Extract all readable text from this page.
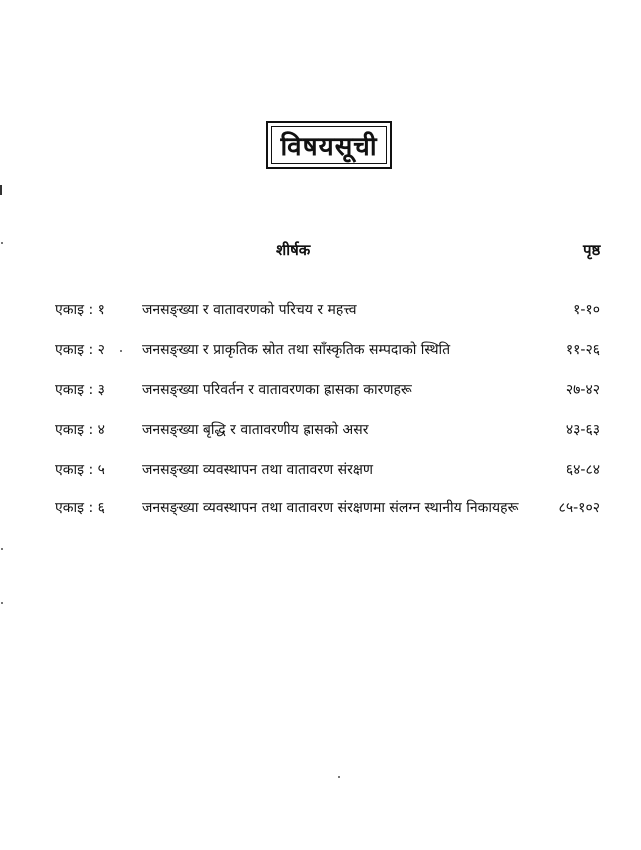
विषयसूची
शीर्षक	पृष्ठ
एकाइ : १	जनसङ्ख्या र वातावरणको परिचय र महत्त्व	१-१०
एकाइ : २	जनसङ्ख्या र प्राकृतिक स्रोत तथा साँस्कृतिक सम्पदाको स्थिति	११-२६
एकाइ : ३	जनसङ्ख्या परिवर्तन र वातावरणका ह्रासका कारणहरू	२७-४२
एकाइ : ४	जनसङ्ख्या बृद्धि र वातावरणीय ह्रासको असर	४३-६३
एकाइ : ५	जनसङ्ख्या व्यवस्थापन तथा वातावरण संरक्षण	६४-८४
एकाइ : ६	जनसङ्ख्या व्यवस्थापन तथा वातावरण संरक्षणमा संलग्न स्थानीय निकायहरू	८५-१०२
